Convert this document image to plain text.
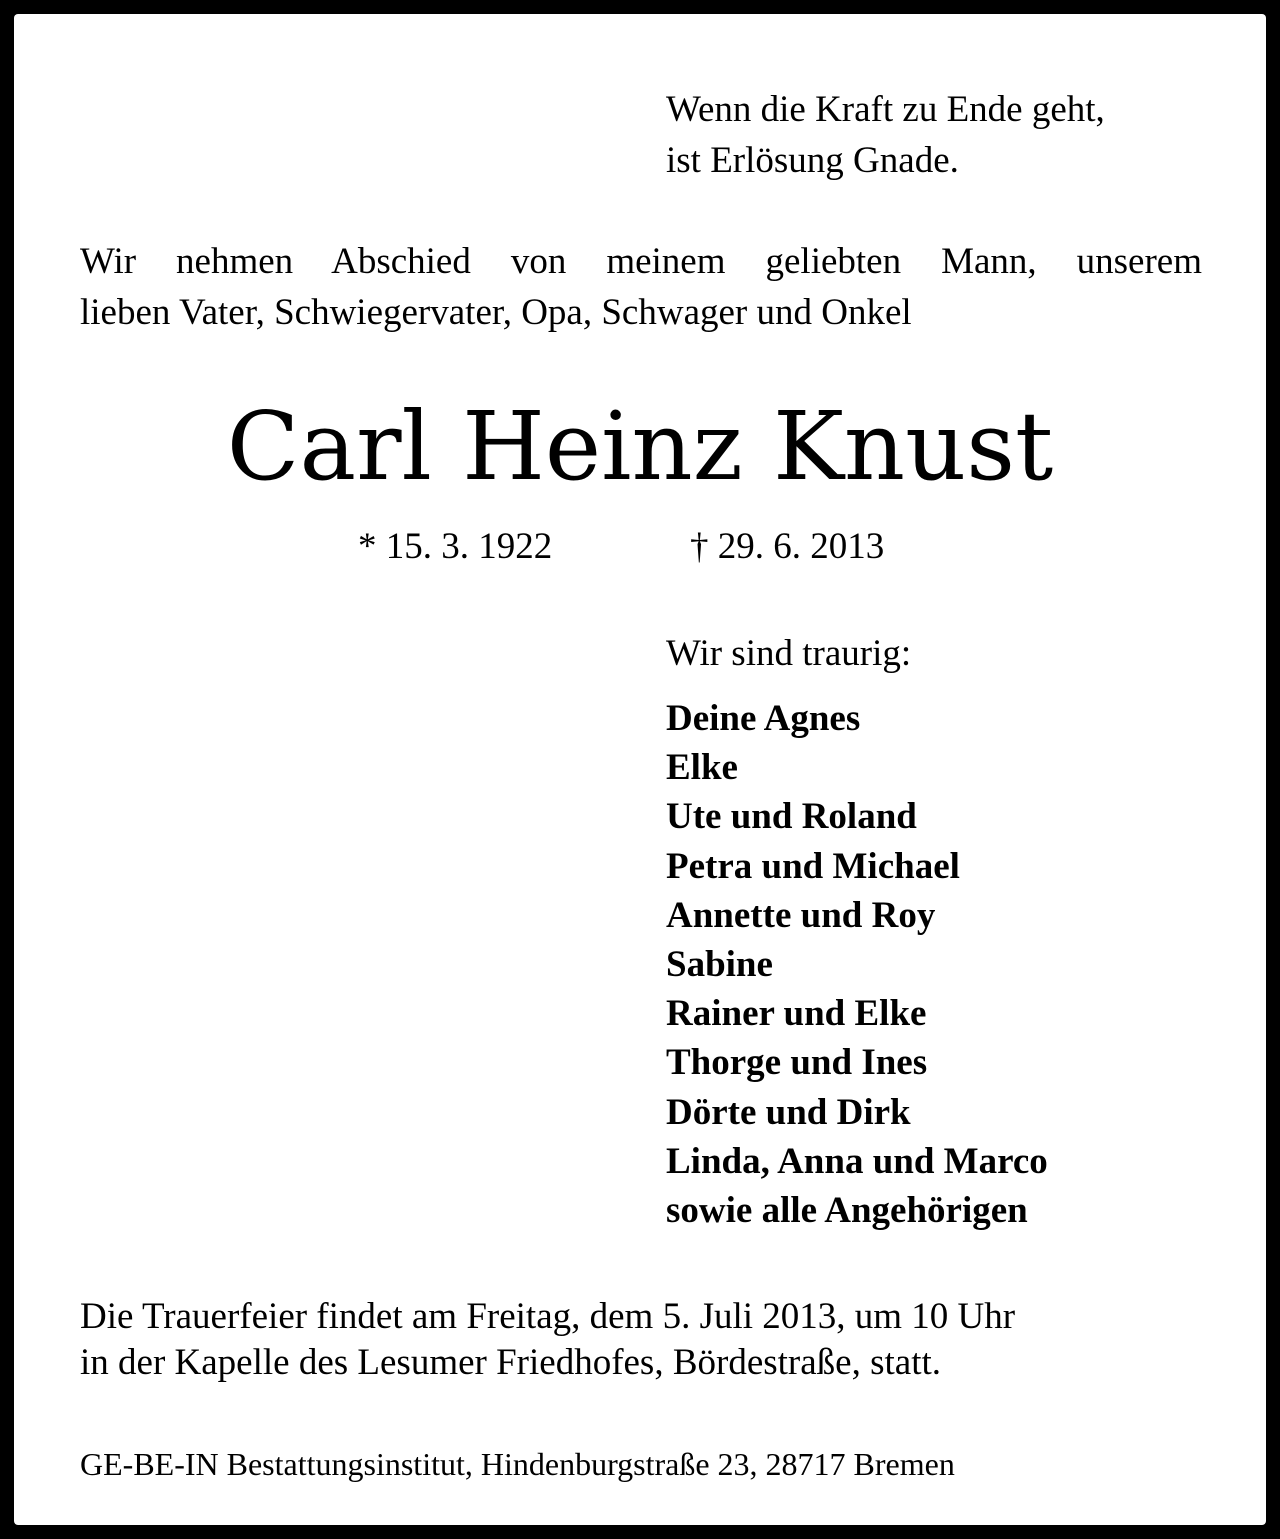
Wenn die Kraft zu Ende geht,
ist Erlösung Gnade.
Wir nehmen Abschied von meinem geliebten Mann, unserem
lieben Vater, Schwiegervater, Opa, Schwager und Onkel
Carl Heinz Knust
* 15. 3. 1922	† 29. 6. 2013
Wir sind traurig:
Deine Agnes
Elke
Ute und Roland
Petra und Michael
Annette und Roy
Sabine
Rainer und Elke
Thorge und Ines
Dörte und Dirk
Linda, Anna und Marco
sowie alle Angehörigen
Die Trauerfeier findet am Freitag, dem 5. Juli 2013, um 10 Uhr
in der Kapelle des Lesumer Friedhofes, Bördestraße, statt.
GE-BE-IN Bestattungsinstitut, Hindenburgstraße 23, 28717 Bremen
